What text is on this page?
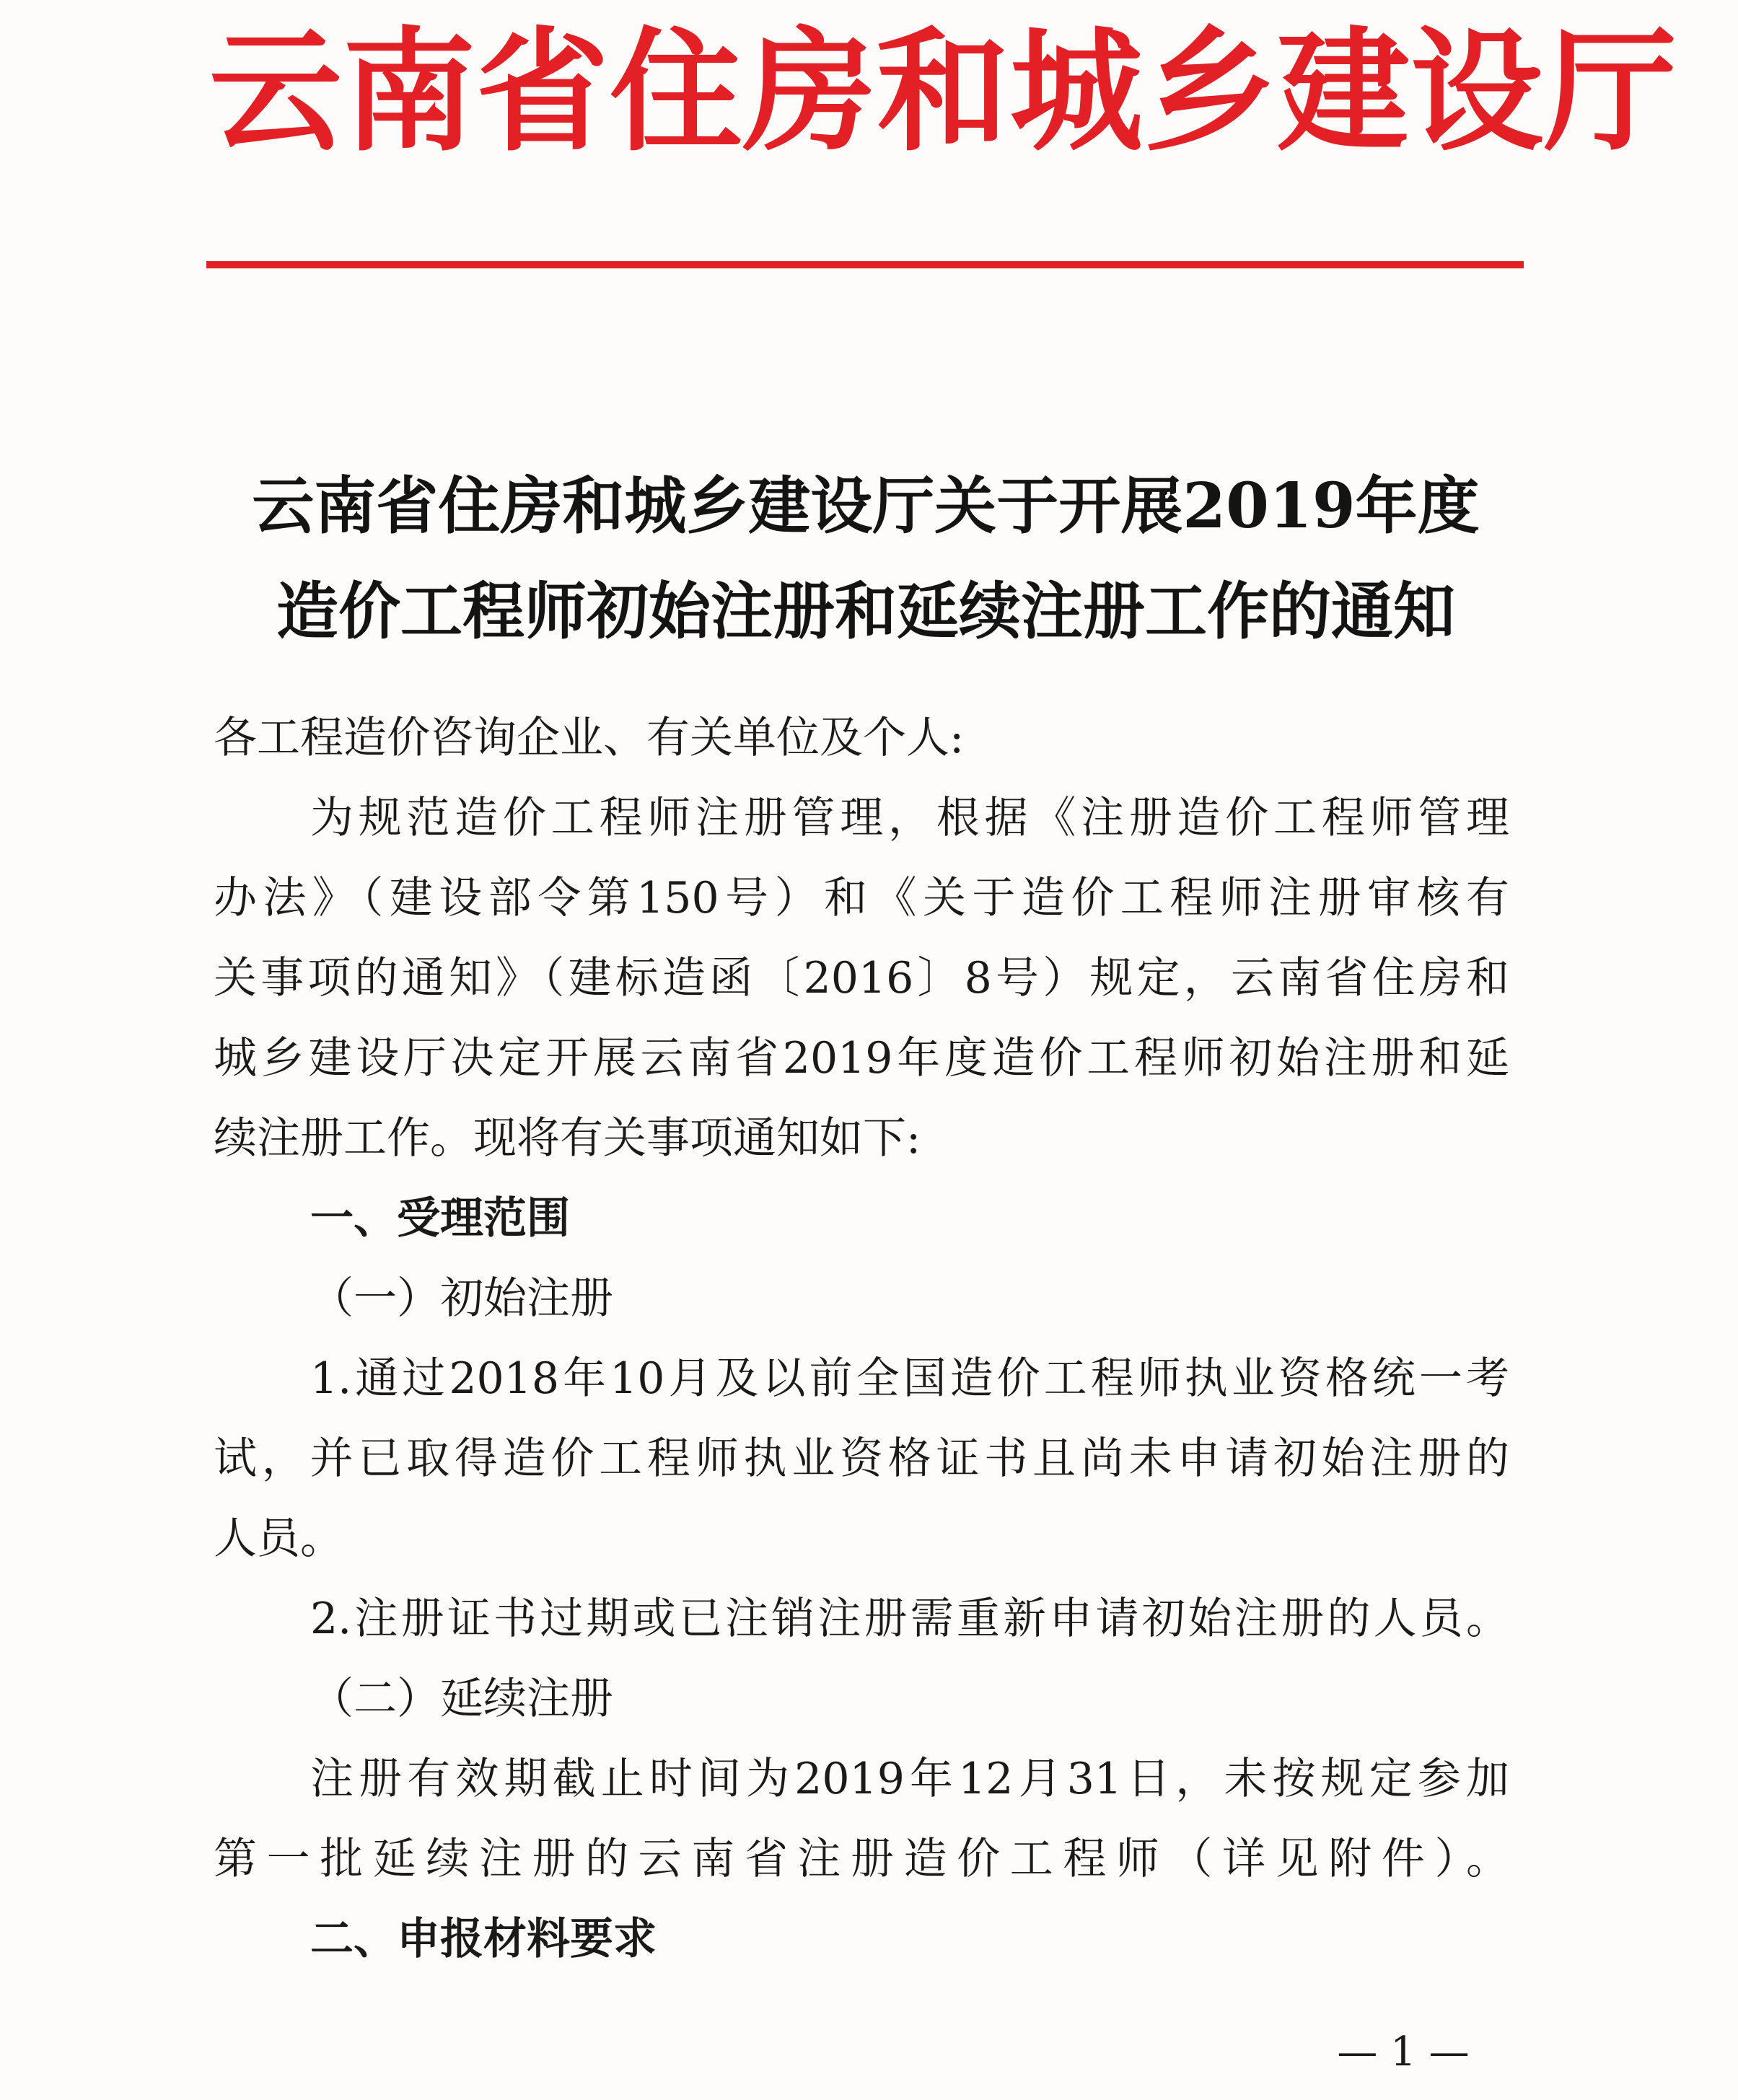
云南省住房和城乡建设厅
云南省住房和城乡建设厅关于开展2019年度
造价工程师初始注册和延续注册工作的通知
各工程造价咨询企业、有关单位及个人:
为规范造价工程师注册管理，根据《注册造价工程师管理
办法》（建设部令第150号）和《关于造价工程师注册审核有
关事项的通知》（建标造函〔2016〕8号）规定，云南省住房和
城乡建设厅决定开展云南省2019年度造价工程师初始注册和延
续注册工作。现将有关事项通知如下:
一、受理范围
（一）初始注册
1.通过2018年10月及以前全国造价工程师执业资格统一考
试，并已取得造价工程师执业资格证书且尚未申请初始注册的
人员。
2.注册证书过期或已注销注册需重新申请初始注册的人员。
（二）延续注册
注册有效期截止时间为2019年12月31日，未按规定参加
第一批延续注册的云南省注册造价工程师（详见附件）。
二、申报材料要求
— 1 —
